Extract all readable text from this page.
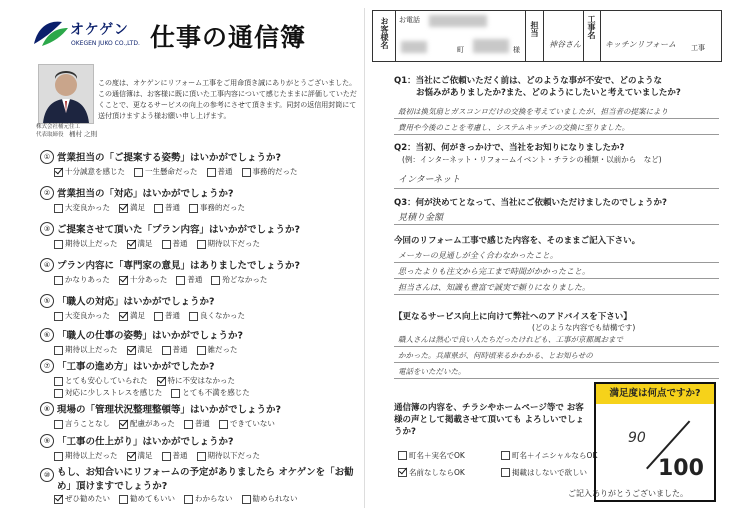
オケゲン
OKEGEN JUKO CO.,LTD. 仕事の通信簿
株式会社桶元住工
代表取締役　桶村 之則
この度は、オケゲンにリフォーム工事をご用命頂き誠にありがとうございました。この通信簿は、お客様に既に頂いた工事内容について感じたままに評価していただくことで、更なるサービスの向上の参考にさせて頂きます。同封の返信用封筒にて送付頂けますよう様お願い申し上げます。
① 営業担当の「ご提案する姿勢」はいかがでしょうか?
十分誠意を感じた	一生懸命だった	普通	事務的だった
② 営業担当の「対応」はいかがでしょうか?
大変良かった	満足	普通	事務的だった
③ ご提案させて頂いた「プラン内容」はいかがでしょうか?
期待以上だった	満足	普通	期待以下だった
④ プラン内容に「専門家の意見」はありましたでしょうか?
かなりあった	十分あった	普通	殆どなかった
⑤ 「職人の対応」はいかがでしょうか?
大変良かった	満足	普通	良くなかった
⑥ 「職人の仕事の姿勢」はいかがでしょうか?
期待以上だった	満足	普通	雑だった
⑦ 「工事の進め方」はいかがでしたか?
とても安心していられた	特に不安はなかった
対応に少しストレスを感じた	とても不満を感じた
⑧ 現場の「管理状況整理整頓等」はいかがでしょうか?
言うことなし	配慮があった	普通	できていない
⑨ 「工事の仕上がり」はいかがでしょうか?
期待以上だった	満足	普通	期待以下だった
⑩ もし、お知合いにリフォームの予定がありましたら オケゲンを「お勧め」頂けますでしょうか?
ぜひ勧めたい	勧めてもいい	わからない	勧められない
お客様名 お電話
町	様
担当
神谷さん
工事名
キッチンリフォーム 工事
Q1：当社にご依頼いただく前は、どのような事が不安で、どのような
お悩みがありましたか?また、どのようにしたいと考えていましたか?
最初は換気扇とガスコンロだけの交換を考えていましたが、担当者の提案により
費用や今後のことを考慮し、システムキッチンの交換に至りました。
Q2：当初、何がきっかけで、当社をお知りになりましたか?
(例：インターネット・リフォームイベント・チラシの種類・以前から　など)
インターネット
Q3：何が決めてとなって、当社にご依頼いただけましたのでしょうか?
見積り金額
今回のリフォーム工事で感じた内容を、そのままご記入下さい。
メーカーの見通しが全く合わなかったこと。
思ったよりも注文から完工まで時間がかかったこと。
担当さんは、知識も豊富で誠実で頼りになりました。
【更なるサービス向上に向けて弊社へのアドバイスを下さい】
(どのような内容でも結構です)
職人さんは熱心で良い人たちだったけれども、工事が京都風おまで
かかった。兵庫県が、何時頃来るかわかる、とお知らせの
電話をいただいた。
通信簿の内容を、チラシやホームページ等で お客様の声として掲載させて頂いても よろしいでしょうか?
町名＋実名でOK	町名＋イニシャルならOK
名前なしならOK	掲載はしないで欲しい
満足度は何点ですか?
90
100
ご記入ありがとうございました。
